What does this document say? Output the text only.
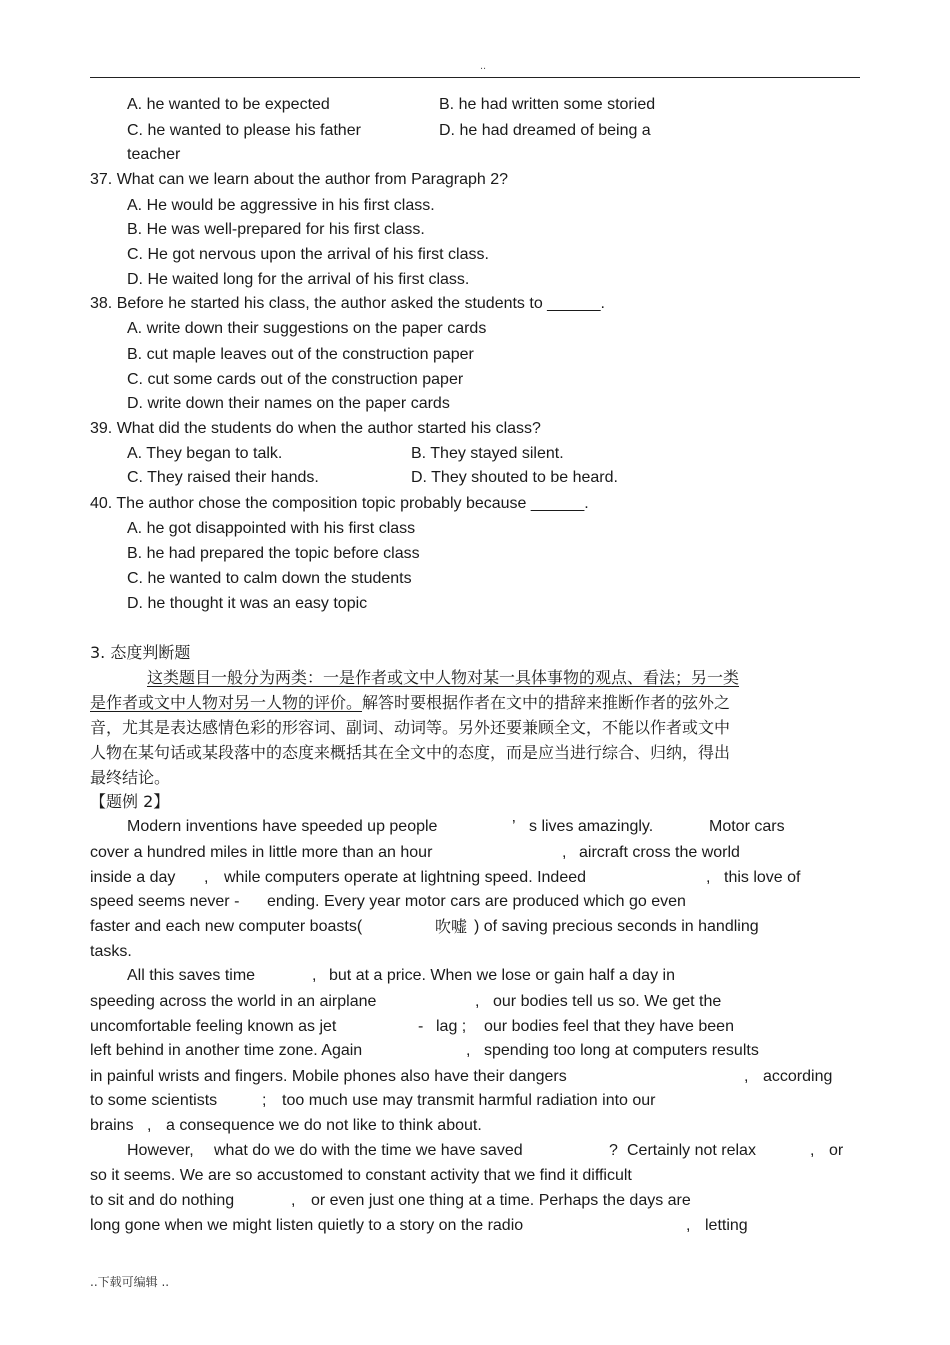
..
A. he wanted to be expected	B. he had written some storied
C. he wanted to please his father	D. he had dreamed of being a
teacher
37. What can we learn about the author from Paragraph 2?
A. He would be aggressive in his first class.
B. He was well-prepared for his first class.
C. He got nervous upon the arrival of his first class.
D. He waited long for the arrival of his first class.
38. Before he started his class, the author asked the students to ______.
A. write down their suggestions on the paper cards
B. cut maple leaves out of the construction paper
C. cut some cards out of the construction paper
D. write down their names on the paper cards
39. What did the students do when the author started his class?
A. They began to talk.	B. They stayed silent.
C. They raised their hands.	D. They shouted to be heard.
40. The author chose the composition topic probably because ______.
A. he got disappointed with his first class
B. he had prepared the topic before class
C. he wanted to calm down the students
D. he thought it was an easy topic
3. 态度判断题
这类题目一般分为两类：一是作者或文中人物对某一具体事物的观点、看法；另一类
是作者或文中人物对另一人物的评价。解答时要根据作者在文中的措辞来推断作者的弦外之
音，尤其是表达感情色彩的形容词、副词、动词等。另外还要兼顾全文，不能以作者或文中
人物在某句话或某段落中的态度来概括其在全文中的态度，而是应当进行综合、归纳，得出
最终结论。
【题例 2】
Modern inventions have speeded up people	’ s lives amazingly.	Motor cars
cover a hundred miles in little more than an hour	, aircraft cross the world
inside a day , while computers operate at lightning speed. Indeed	, this love of
speed seems never - ending. Every year motor cars are produced which go even
faster and each new computer boasts(	吹嘘 ) of saving precious seconds in handling
tasks.
All this saves time	, but at a price. When we lose or gain half a day in
speeding across the world in an airplane	, our bodies tell us so. We get the
uncomfortable feeling known as jet	- lag ; our bodies feel that they have been
left behind in another time zone. Again	, spending too long at computers results
in painful wrists and fingers. Mobile phones also have their dangers	, according
to some scientists	; too much use may transmit harmful radiation into our
brains , a consequence we do not like to think about.
However, what do we do with the time we have saved	? Certainly not relax	, or
so it seems. We are so accustomed to constant activity that we find it difficult
to sit and do nothing	, or even just one thing at a time. Perhaps the days are
long gone when we might listen quietly to a story on the radio	, letting
..下载可编辑 ..
